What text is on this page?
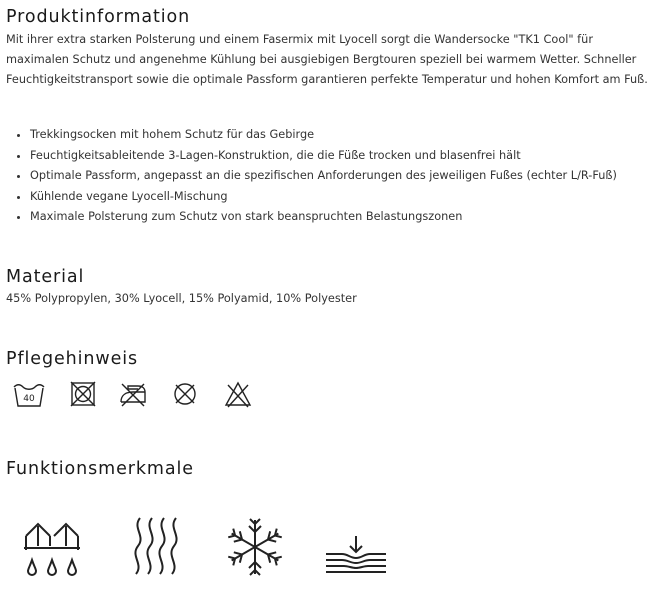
Produktinformation

Mit ihrer extra starken Polsterung und einem Fasermix mit Lyocell sorgt die Wandersocke "TK1 Cool" für maximalen Schutz und angenehme Kühlung bei ausgiebigen Bergtouren speziell bei warmem Wetter. Schneller Feuchtigkeitstransport sowie die optimale Passform garantieren perfekte Temperatur und hohen Komfort am Fuß.

• Trekkingsocken mit hohem Schutz für das Gebirge
• Feuchtigkeitsableitende 3-Lagen-Konstruktion, die die Füße trocken und blasenfrei hält
• Optimale Passform, angepasst an die spezifischen Anforderungen des jeweiligen Fußes (echter L/R-Fuß)
• Kühlende vegane Lyocell-Mischung
• Maximale Polsterung zum Schutz von stark beanspruchten Belastungszonen
Material

45% Polypropylen, 30% Lyocell, 15% Polyamid, 10% Polyester

Pflegehinweis
40
Funktionsmerkmale
